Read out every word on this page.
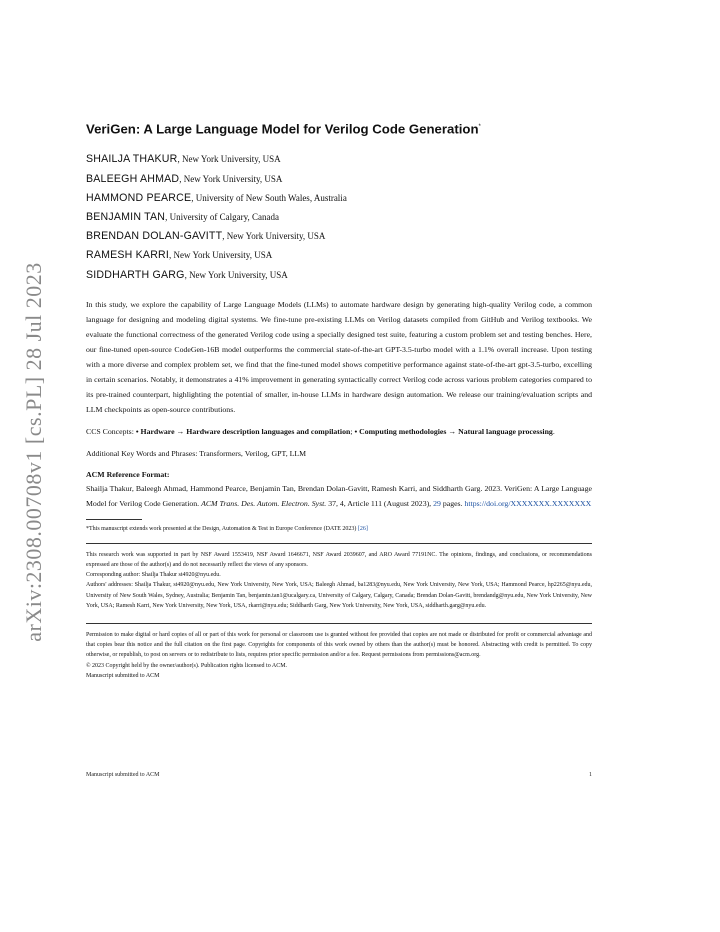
arXiv:2308.00708v1 [cs.PL] 28 Jul 2023
VeriGen: A Large Language Model for Verilog Code Generation*
SHAILJA THAKUR, New York University, USA
BALEEGH AHMAD, New York University, USA
HAMMOND PEARCE, University of New South Wales, Australia
BENJAMIN TAN, University of Calgary, Canada
BRENDAN DOLAN-GAVITT, New York University, USA
RAMESH KARRI, New York University, USA
SIDDHARTH GARG, New York University, USA

In this study, we explore the capability of Large Language Models (LLMs) to automate hardware design by generating high-quality Verilog code, a common language for designing and modeling digital systems. We fine-tune pre-existing LLMs on Verilog datasets compiled from GitHub and Verilog textbooks. We evaluate the functional correctness of the generated Verilog code using a specially designed test suite, featuring a custom problem set and testing benches. Here, our fine-tuned open-source CodeGen-16B model outperforms the commercial state-of-the-art GPT-3.5-turbo model with a 1.1% overall increase. Upon testing with a more diverse and complex problem set, we find that the fine-tuned model shows competitive performance against state-of-the-art gpt-3.5-turbo, excelling in certain scenarios. Notably, it demonstrates a 41% improvement in generating syntactically correct Verilog code across various problem categories compared to its pre-trained counterpart, highlighting the potential of smaller, in-house LLMs in hardware design automation. We release our training/evaluation scripts and LLM checkpoints as open-source contributions.

CCS Concepts: • Hardware → Hardware description languages and compilation; • Computing methodologies → Natural language processing.

Additional Key Words and Phrases: Transformers, Verilog, GPT, LLM

ACM Reference Format:

Shailja Thakur, Baleegh Ahmad, Hammond Pearce, Benjamin Tan, Brendan Dolan-Gavitt, Ramesh Karri, and Siddharth Garg. 2023. VeriGen: A Large Language Model for Verilog Code Generation. ACM Trans. Des. Autom. Electron. Syst. 37, 4, Article 111 (August 2023), 29 pages. https://doi.org/XXXXXXX.XXXXXXX

*This manuscript extends work presented at the Design, Automation & Test in Europe Conference (DATE 2023) [26]

This research work was supported in part by NSF Award 1553419, NSF Award 1646671, NSF Award 2039607, and ARO Award 77191NC. The opinions, findings, and conclusions, or recommendations expressed are those of the author(s) and do not necessarily reflect the views of any sponsors.

Corresponding author: Shailja Thakur st4920@nyu.edu.

Authors' addresses: Shailja Thakur, st4920@nyu.edu, New York University, New York, USA; Baleegh Ahmad, ba1283@nyu.edu, New York University, New York, USA; Hammond Pearce, hp2265@nyu.edu, University of New South Wales, Sydney, Australia; Benjamin Tan, benjamin.tan1@ucalgary.ca, University of Calgary, Calgary, Canada; Brendan Dolan-Gavitt, brendandg@nyu.edu, New York University, New York, USA; Ramesh Karri, New York University, New York, USA, rkarri@nyu.edu; Siddharth Garg, New York University, New York, USA, siddharth.garg@nyu.edu.

Permission to make digital or hard copies of all or part of this work for personal or classroom use is granted without fee provided that copies are not made or distributed for profit or commercial advantage and that copies bear this notice and the full citation on the first page. Copyrights for components of this work owned by others than the author(s) must be honored. Abstracting with credit is permitted. To copy otherwise, or republish, to post on servers or to redistribute to lists, requires prior specific permission and/or a fee. Request permissions from permissions@acm.org.

© 2023 Copyright held by the owner/author(s). Publication rights licensed to ACM.

Manuscript submitted to ACM

Manuscript submitted to ACM	1
